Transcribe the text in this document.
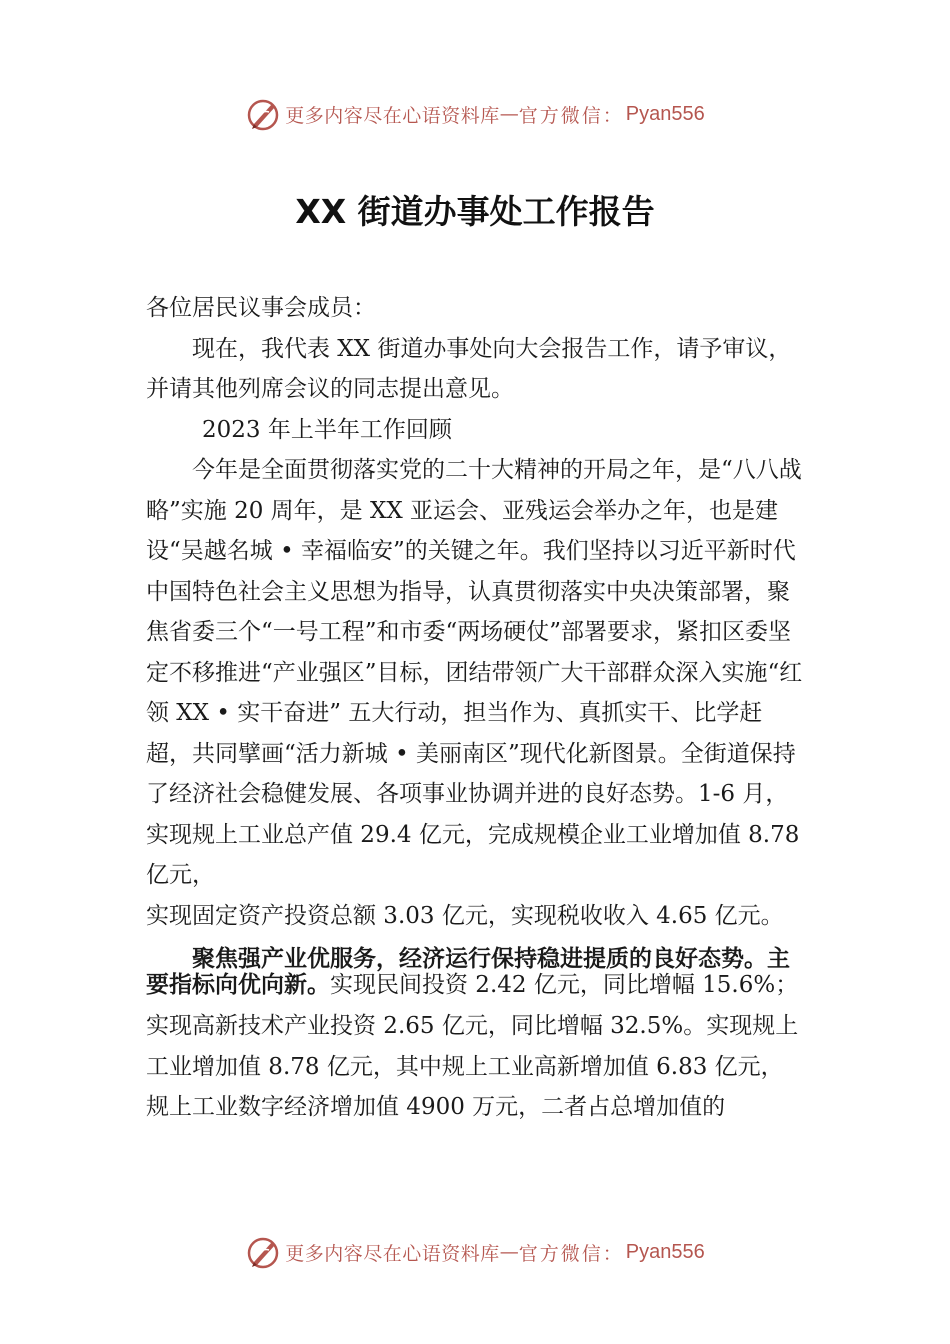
更多内容尽在心语资料库 — 官方微信： Pyan556
XX 街道办事处工作报告

各位居民议事会成员：

现在，我代表 XX 街道办事处向大会报告工作，请予审议，并请其他列席会议的同志提出意见。

2023 年上半年工作回顾

今年是全面贯彻落实党的二十大精神的开局之年，是“八八战略”实施 20 周年，是 XX 亚运会、亚残运会举办之年，也是建设“吴越名城 • 幸福临安”的关键之年。我们坚持以习近平新时代中国特色社会主义思想为指导，认真贯彻落实中央决策部署，聚焦省委三个“一号工程”和市委“两场硬仗”部署要求，紧扣区委坚定不移推进“产业强区”目标，团结带领广大干部群众深入实施“红领 XX • 实干奋进” 五大行动，担当作为、真抓实干、比学赶超，共同擘画“活力新城 • 美丽南区”现代化新图景。全街道保持了经济社会稳健发展、各项事业协调并进的良好态势。1-6 月，实现规上工业总产值 29.4 亿元，完成规模企业工业增加值 8.78 亿元，

实现固定资产投资总额 3.03 亿元，实现税收收入 4.65 亿元。

聚焦强产业优服务，经济运行保持稳进提质的良好态势。主要指标向优向新。实现民间投资 2.42 亿元，同比增幅 15.6%；

实现高新技术产业投资 2.65 亿元，同比增幅 32.5%。实现规上工业增加值 8.78 亿元，其中规上工业高新增加值 6.83 亿元，规上工业数字经济增加值 4900 万元，二者占总增加值的

更多内容尽在心语资料库 — 官方微信： Pyan556
